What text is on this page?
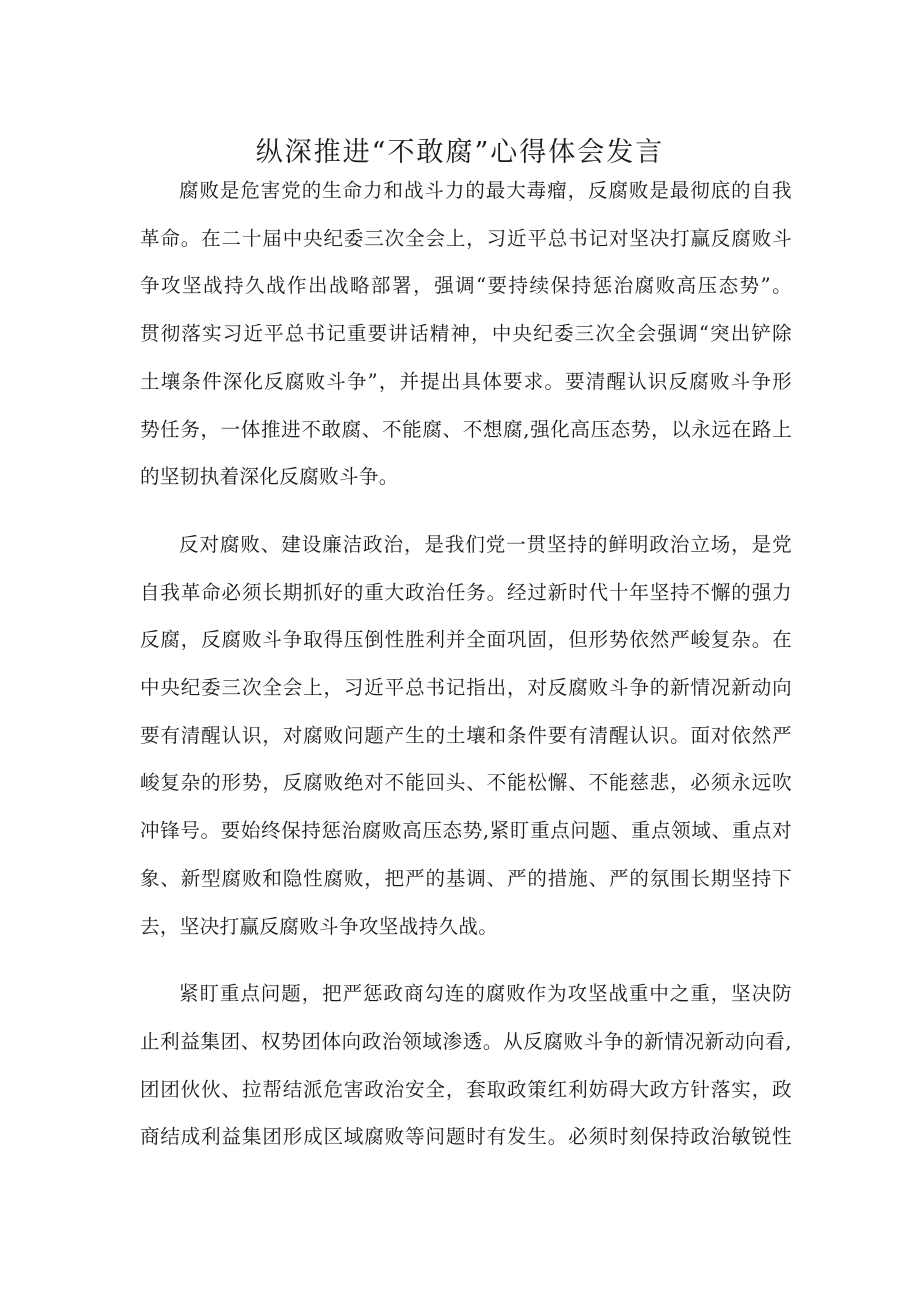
纵深推进“不敢腐”心得体会发言

腐败是危害党的生命力和战斗力的最大毒瘤，反腐败是最彻底的自我
革命。在二十届中央纪委三次全会上，习近平总书记对坚决打赢反腐败斗
争攻坚战持久战作出战略部署，强调“要持续保持惩治腐败高压态势”。
贯彻落实习近平总书记重要讲话精神，中央纪委三次全会强调“突出铲除
土壤条件深化反腐败斗争”，并提出具体要求。要清醒认识反腐败斗争形
势任务，一体推进不敢腐、不能腐、不想腐,强化高压态势，以永远在路上
的坚韧执着深化反腐败斗争。

反对腐败、建设廉洁政治，是我们党一贯坚持的鲜明政治立场，是党
自我革命必须长期抓好的重大政治任务。经过新时代十年坚持不懈的强力
反腐，反腐败斗争取得压倒性胜利并全面巩固，但形势依然严峻复杂。在
中央纪委三次全会上，习近平总书记指出，对反腐败斗争的新情况新动向
要有清醒认识，对腐败问题产生的土壤和条件要有清醒认识。面对依然严
峻复杂的形势，反腐败绝对不能回头、不能松懈、不能慈悲，必须永远吹
冲锋号。要始终保持惩治腐败高压态势,紧盯重点问题、重点领域、重点对
象、新型腐败和隐性腐败，把严的基调、严的措施、严的氛围长期坚持下
去，坚决打赢反腐败斗争攻坚战持久战。

紧盯重点问题，把严惩政商勾连的腐败作为攻坚战重中之重，坚决防
止利益集团、权势团体向政治领域渗透。从反腐败斗争的新情况新动向看,
团团伙伙、拉帮结派危害政治安全，套取政策红利妨碍大政方针落实，政
商结成利益集团形成区域腐败等问题时有发生。必须时刻保持政治敏锐性
